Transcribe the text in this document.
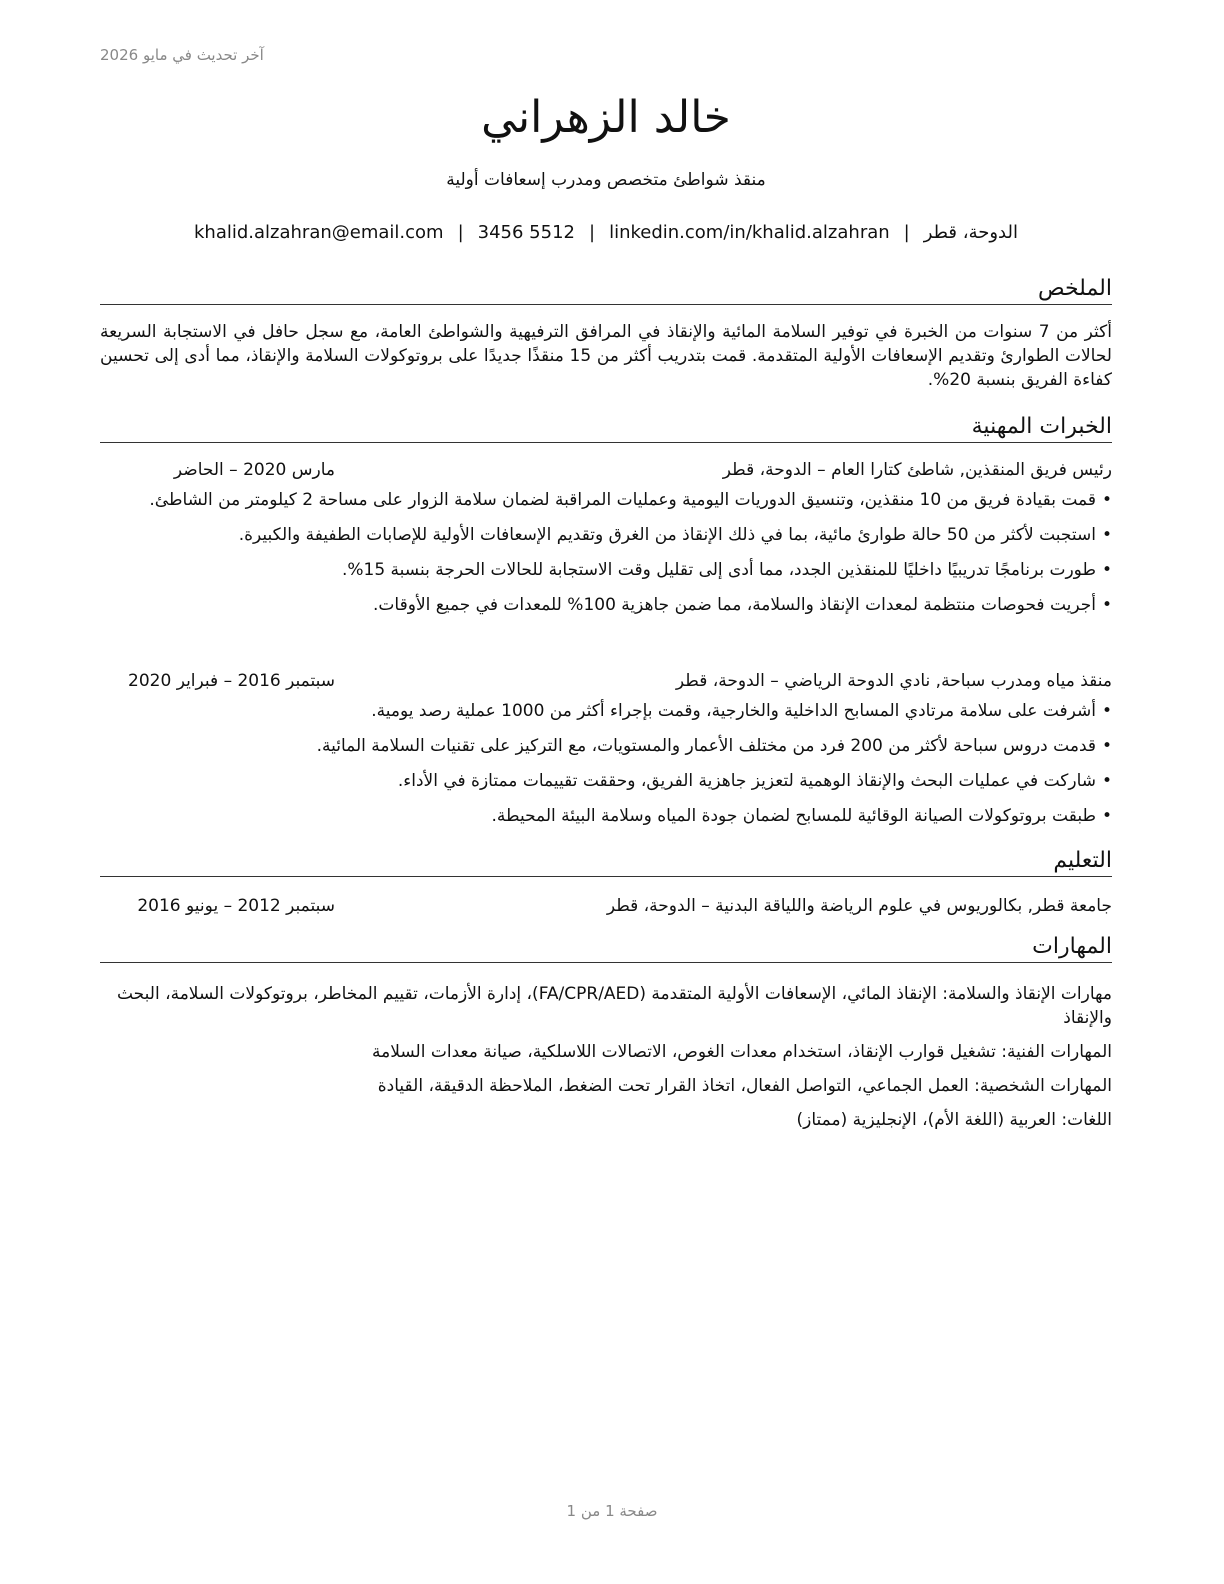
آخر تحديث في مايو 2026
خالد الزهراني
منقذ شواطئ متخصص ومدرب إسعافات أولية
الدوحة، قطر|khalid.alzahran@email.com | 3456 5512 | linkedin.com/in/khalid.alzahran
الملخص
أكثر من 7 سنوات من الخبرة في توفير السلامة المائية والإنقاذ في المرافق الترفيهية والشواطئ العامة، مع سجل حافل في الاستجابة السريعة لحالات الطوارئ وتقديم الإسعافات الأولية المتقدمة. قمت بتدريب أكثر من 15 منقذًا جديدًا على بروتوكولات السلامة والإنقاذ، مما أدى إلى تحسين كفاءة الفريق بنسبة 20%.
الخبرات المهنية
رئيس فريق المنقذين, شاطئ كتارا العام – الدوحة، قطر
مارس 2020 – الحاضر
• قمت بقيادة فريق من 10 منقذين، وتنسيق الدوريات اليومية وعمليات المراقبة لضمان سلامة الزوار على مساحة 2 كيلومتر من الشاطئ.
• استجبت لأكثر من 50 حالة طوارئ مائية، بما في ذلك الإنقاذ من الغرق وتقديم الإسعافات الأولية للإصابات الطفيفة والكبيرة.
• طورت برنامجًا تدريبيًا داخليًا للمنقذين الجدد، مما أدى إلى تقليل وقت الاستجابة للحالات الحرجة بنسبة 15%.
• أجريت فحوصات منتظمة لمعدات الإنقاذ والسلامة، مما ضمن جاهزية 100% للمعدات في جميع الأوقات.
منقذ مياه ومدرب سباحة, نادي الدوحة الرياضي – الدوحة، قطر
سبتمبر 2016 – فبراير 2020
• أشرفت على سلامة مرتادي المسابح الداخلية والخارجية، وقمت بإجراء أكثر من 1000 عملية رصد يومية.
• قدمت دروس سباحة لأكثر من 200 فرد من مختلف الأعمار والمستويات، مع التركيز على تقنيات السلامة المائية.
• شاركت في عمليات البحث والإنقاذ الوهمية لتعزيز جاهزية الفريق، وحققت تقييمات ممتازة في الأداء.
• طبقت بروتوكولات الصيانة الوقائية للمسابح لضمان جودة المياه وسلامة البيئة المحيطة.
التعليم
جامعة قطر, بكالوريوس في علوم الرياضة واللياقة البدنية – الدوحة، قطر
سبتمبر 2012 – يونيو 2016
المهارات
مهارات الإنقاذ والسلامة: الإنقاذ المائي، الإسعافات الأولية المتقدمة (FA/CPR/AED)، إدارة الأزمات، تقييم المخاطر، بروتوكولات السلامة، البحث والإنقاذ
المهارات الفنية: تشغيل قوارب الإنقاذ، استخدام معدات الغوص، الاتصالات اللاسلكية، صيانة معدات السلامة
المهارات الشخصية: العمل الجماعي، التواصل الفعال، اتخاذ القرار تحت الضغط، الملاحظة الدقيقة، القيادة
اللغات: العربية (اللغة الأم)، الإنجليزية (ممتاز)
صفحة 1 من 1
